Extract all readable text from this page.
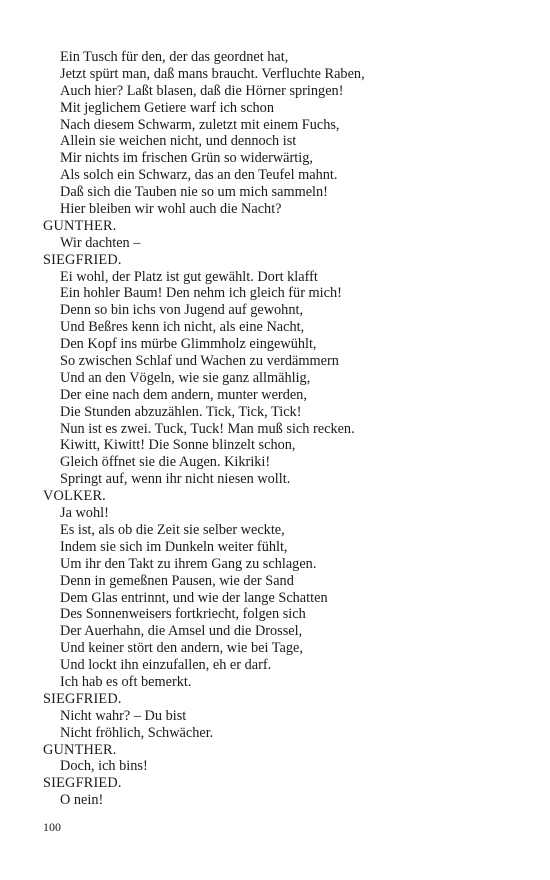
Ein Tusch für den, der das geordnet hat,
Jetzt spürt man, daß mans braucht. Verfluchte Raben,
Auch hier? Laßt blasen, daß die Hörner springen!
Mit jeglichem Getiere warf ich schon
Nach diesem Schwarm, zuletzt mit einem Fuchs,
Allein sie weichen nicht, und dennoch ist
Mir nichts im frischen Grün so widerwärtig,
Als solch ein Schwarz, das an den Teufel mahnt.
Daß sich die Tauben nie so um mich sammeln!
Hier bleiben wir wohl auch die Nacht?
GUNTHER.
Wir dachten –
SIEGFRIED.
Ei wohl, der Platz ist gut gewählt. Dort klafft
Ein hohler Baum! Den nehm ich gleich für mich!
Denn so bin ichs von Jugend auf gewohnt,
Und Beßres kenn ich nicht, als eine Nacht,
Den Kopf ins mürbe Glimmholz eingewühlt,
So zwischen Schlaf und Wachen zu verdämmern
Und an den Vögeln, wie sie ganz allmählig,
Der eine nach dem andern, munter werden,
Die Stunden abzuzählen. Tick, Tick, Tick!
Nun ist es zwei. Tuck, Tuck! Man muß sich recken.
Kiwitt, Kiwitt! Die Sonne blinzelt schon,
Gleich öffnet sie die Augen. Kikriki!
Springt auf, wenn ihr nicht niesen wollt.
VOLKER.
Ja wohl!
Es ist, als ob die Zeit sie selber weckte,
Indem sie sich im Dunkeln weiter fühlt,
Um ihr den Takt zu ihrem Gang zu schlagen.
Denn in gemeßnen Pausen, wie der Sand
Dem Glas entrinnt, und wie der lange Schatten
Des Sonnenweisers fortkriecht, folgen sich
Der Auerhahn, die Amsel und die Drossel,
Und keiner stört den andern, wie bei Tage,
Und lockt ihn einzufallen, eh er darf.
Ich hab es oft bemerkt.
SIEGFRIED.
Nicht wahr? – Du bist
Nicht fröhlich, Schwächer.
GUNTHER.
Doch, ich bins!
SIEGFRIED.
O nein!
100
